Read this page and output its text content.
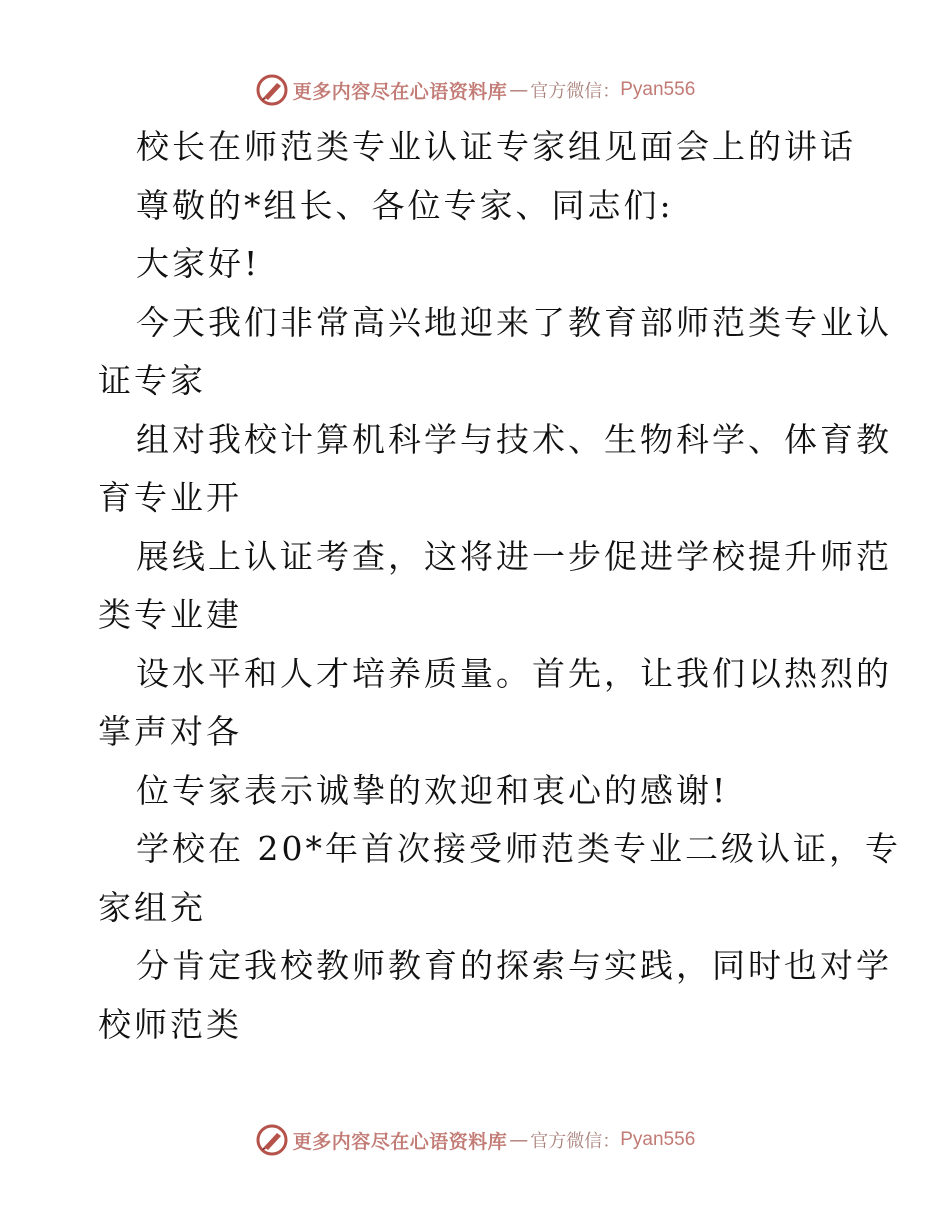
更多内容尽在心语资料库 — 官方微信： Pyan556
校长在师范类专业认证专家组见面会上的讲话
尊敬的*组长、各位专家、同志们:
大家好!
今天我们非常高兴地迎来了教育部师范类专业认
证专家
组对我校计算机科学与技术、生物科学、体育教
育专业开
展线上认证考查，这将进一步促进学校提升师范
类专业建
设水平和人才培养质量。首先，让我们以热烈的
掌声对各
位专家表示诚挚的欢迎和衷心的感谢!
学校在 20*年首次接受师范类专业二级认证，专
家组充
分肯定我校教师教育的探索与实践，同时也对学
校师范类
更多内容尽在心语资料库 — 官方微信： Pyan556
